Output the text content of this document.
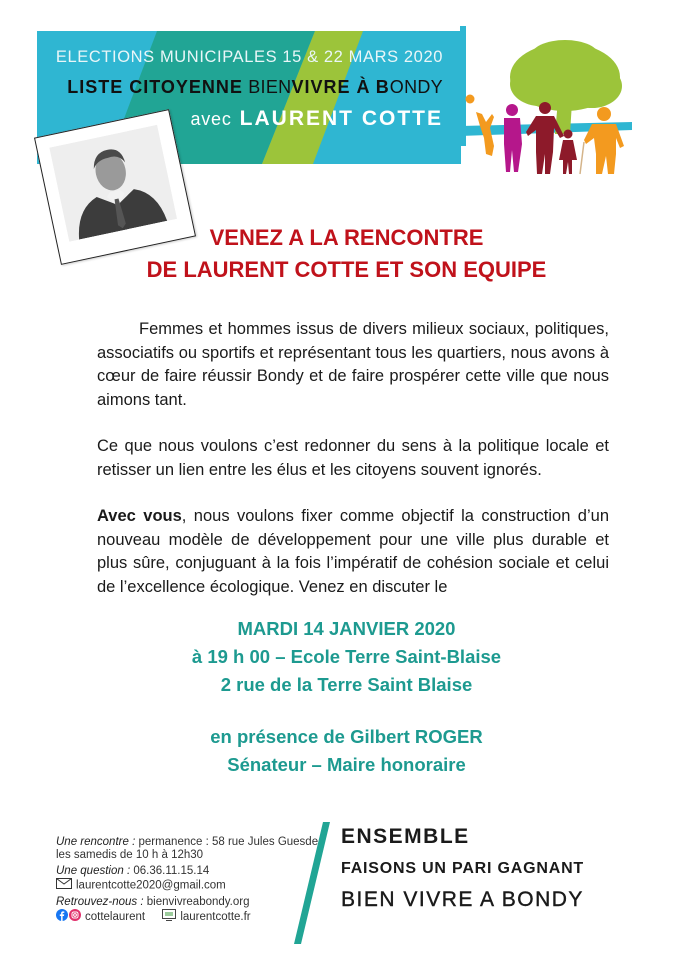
ELECTIONS MUNICIPALES 15 & 22 MARS 2020
LISTE CITOYENNE BIENVIVRE À BONDY
avec LAURENT COTTE
VENEZ A LA RENCONTRE
DE LAURENT COTTE ET SON EQUIPE

Femmes et hommes issus de divers milieux sociaux, politiques, associatifs ou sportifs et représentant tous les quartiers, nous avons à cœur de faire réussir Bondy et de faire prospérer cette ville que nous aimons tant.

Ce que nous voulons c’est redonner du sens à la politique locale et retisser un lien entre les élus et les citoyens souvent ignorés.

Avec vous, nous voulons fixer comme objectif la construction d’un nouveau modèle de développement pour une ville plus durable et plus sûre, conjuguant à la fois l’impératif de cohésion sociale et celui de l’excellence écologique. Venez en discuter le

MARDI 14 JANVIER 2020
à 19 h 00 – Ecole Terre Saint-Blaise
2 rue de la Terre Saint Blaise
en présence de Gilbert ROGER
Sénateur – Maire honoraire
Une rencontre : permanence : 58 rue Jules Guesde
les samedis de 10 h à 12h30
Une question : 06.36.11.15.14
laurentcotte2020@gmail.com
Retrouvez-nous : bienvivreabondy.org
cottelaurent	laurentcotte.fr
ENSEMBLE
FAISONS UN PARI GAGNANT
BIEN VIVRE A BONDY
